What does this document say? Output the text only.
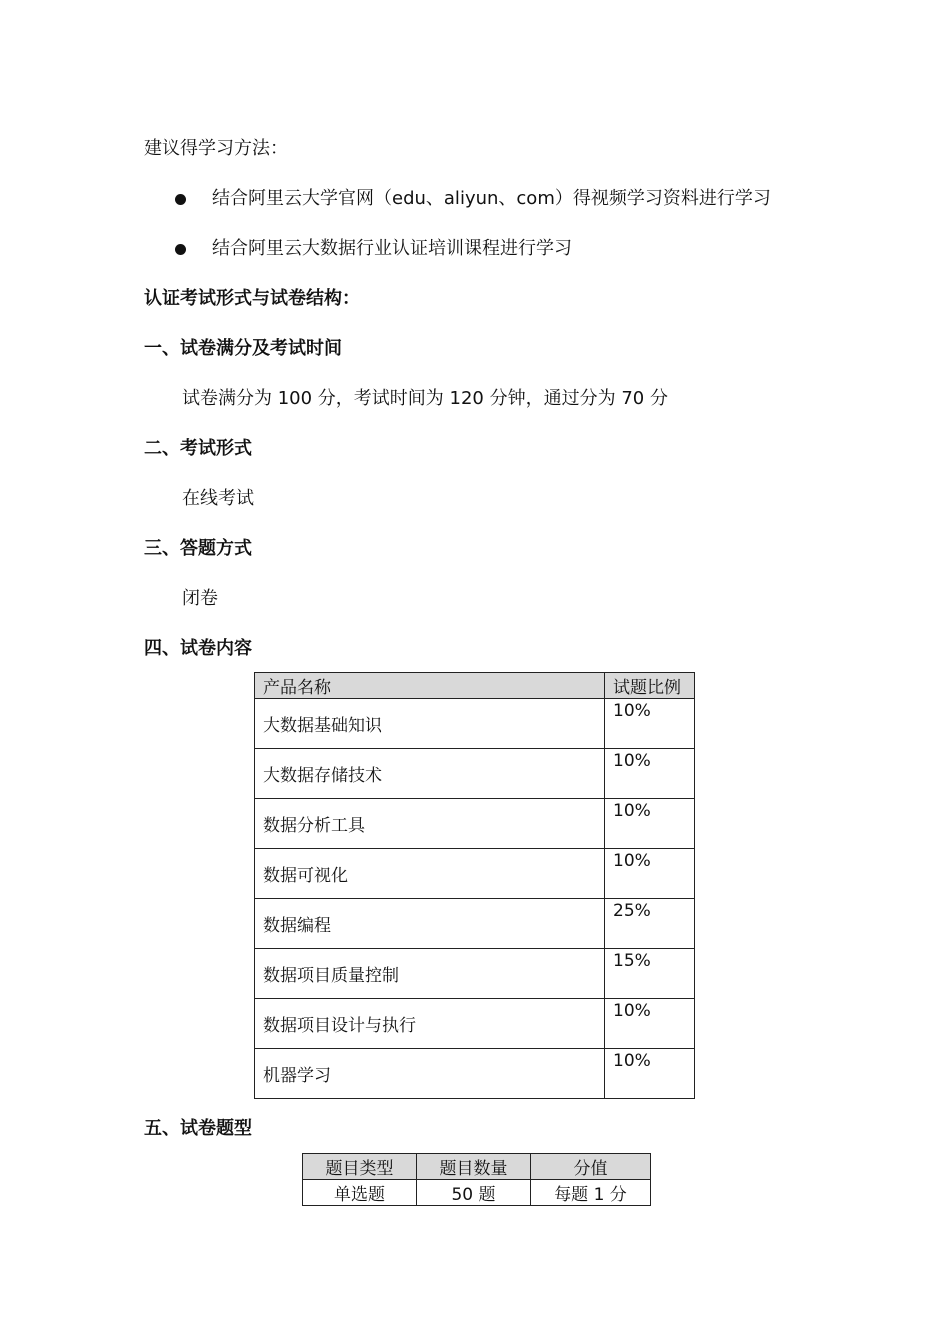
建议得学习方法：
结合阿里云大学官网（edu、aliyun、com）得视频学习资料进行学习
结合阿里云大数据行业认证培训课程进行学习
认证考试形式与试卷结构：
一、试卷满分及考试时间
试卷满分为 100 分，考试时间为 120 分钟，通过分为 70 分
二、考试形式
在线考试
三、答题方式
闭卷
四、试卷内容
产品名称	试题比例
大数据基础知识	10%
大数据存储技术	10%
数据分析工具	10%
数据可视化	10%
数据编程	25%
数据项目质量控制	15%
数据项目设计与执行	10%
机器学习	10%
五、试卷题型
题目类型	题目数量	分值
单选题	50 题	每题 1 分
